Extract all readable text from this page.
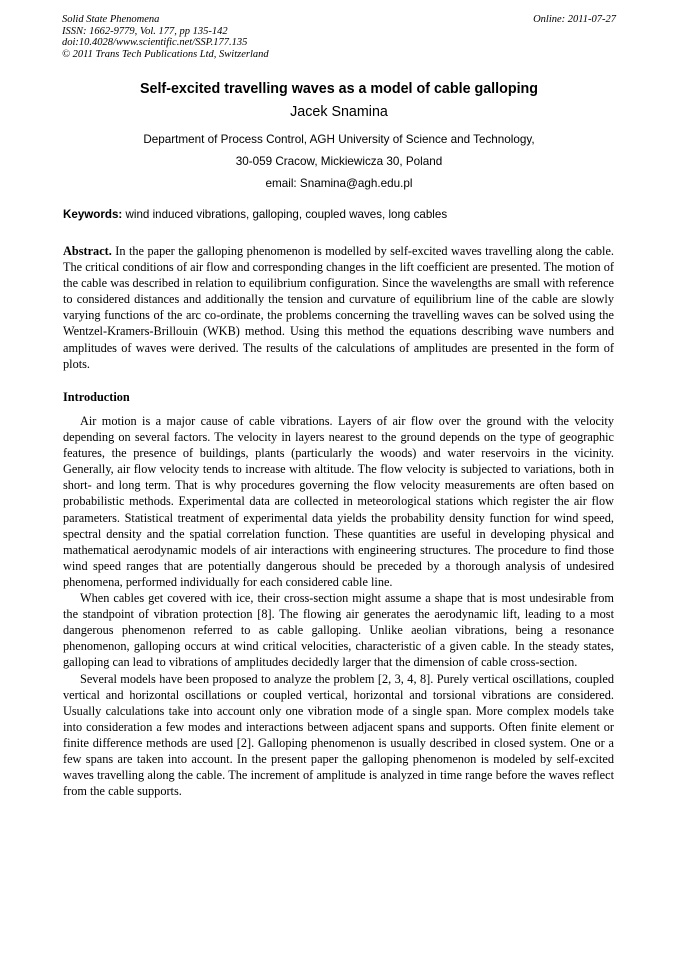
Solid State Phenomena
ISSN: 1662-9779, Vol. 177, pp 135-142
doi:10.4028/www.scientific.net/SSP.177.135
© 2011 Trans Tech Publications Ltd, Switzerland
Online: 2011-07-27
Self-excited travelling waves as a model of cable galloping
Jacek Snamina
Department of Process Control, AGH University of Science and Technology,
30-059 Cracow, Mickiewicza 30, Poland
email: Snamina@agh.edu.pl
Keywords: wind induced vibrations, galloping, coupled waves, long cables

Abstract. In the paper the galloping phenomenon is modelled by self-excited waves travelling along the cable. The critical conditions of air flow and corresponding changes in the lift coefficient are presented. The motion of the cable was described in relation to equilibrium configuration. Since the wavelengths are small with reference to considered distances and additionally the tension and curvature of equilibrium line of the cable are slowly varying functions of the arc co-ordinate, the problems concerning the travelling waves can be solved using the Wentzel-Kramers-Brillouin (WKB) method. Using this method the equations describing wave numbers and amplitudes of waves were derived. The results of the calculations of amplitudes are presented in the form of plots.

Introduction

Air motion is a major cause of cable vibrations. Layers of air flow over the ground with the velocity depending on several factors. The velocity in layers nearest to the ground depends on the type of geographic features, the presence of buildings, plants (particularly the woods) and water reservoirs in the vicinity. Generally, air flow velocity tends to increase with altitude. The flow velocity is subjected to variations, both in short- and long term. That is why procedures governing the flow velocity measurements are often based on probabilistic methods. Experimental data are collected in meteorological stations which register the air flow parameters. Statistical treatment of experimental data yields the probability density function for wind speed, spectral density and the spatial correlation function. These quantities are useful in developing physical and mathematical aerodynamic models of air interactions with engineering structures. The procedure to find those wind speed ranges that are potentially dangerous should be preceded by a thorough analysis of undesired phenomena, performed individually for each considered cable line.

When cables get covered with ice, their cross-section might assume a shape that is most undesirable from the standpoint of vibration protection [8]. The flowing air generates the aerodynamic lift, leading to a most dangerous phenomenon referred to as cable galloping. Unlike aeolian vibrations, being a resonance phenomenon, galloping occurs at wind critical velocities, characteristic of a given cable. In the steady states, galloping can lead to vibrations of amplitudes decidedly larger that the dimension of cable cross-section.

Several models have been proposed to analyze the problem [2, 3, 4, 8]. Purely vertical oscillations, coupled vertical and horizontal oscillations or coupled vertical, horizontal and torsional vibrations are considered. Usually calculations take into account only one vibration mode of a single span. More complex models take into consideration a few modes and interactions between adjacent spans and supports. Often finite element or finite difference methods are used [2]. Galloping phenomenon is usually described in closed system. One or a few spans are taken into account. In the present paper the galloping phenomenon is modeled by self-excited waves travelling along the cable. The increment of amplitude is analyzed in time range before the waves reflect from the cable supports.
